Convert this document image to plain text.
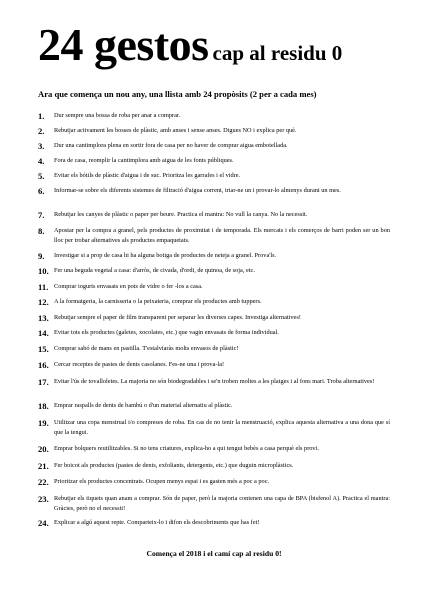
24 gestos cap al residu 0
Ara que comença un nou any, una llista amb 24 propòsits (2 per a cada mes)
1. Dur sempre una bossa de roba per anar a comprar.
2. Rebutjar activament les bosses de plàstic, amb anses i sense anses. Digues NO i explica per què.
3. Dur una cantimplora plena en sortir fora de casa per no haver de comprar aigua embotellada.
4. Fora de casa, reomplir la cantimplora amb aigua de les fonts públiques.
5. Evitar els bótils de plàstic d'aigua i de suc. Prioritza les garrafes i el vidre.
6. Informar-se sobre els diferents sistemes de filtració d'aigua corrent, triar-ne un i provar-lo almenys durant un mes.
7. Rebutjar les canyes de plàstic o paper per beure. Practica el mantra: No vull la canya. No la necessit.
8. Apostar per la compra a granel, pels productes de proximitat i de temporada. Els mercats i els comerços de barri poden ser un bon lloc per trobar alternatives als productes empaquetats.
9. Investigar si a prop de casa hi ha alguna botiga de productes de neteja a granel. Prova'ls.
10. Fer una beguda vegetal a casa: d'arròs, de civada, d'ordi, de quinoa, de soja, etc.
11. Comprar iogurts envasats en pots de vidre o fer -los a casa.
12. A la formatgeria, la carnisseria o la peixateria, comprar els productes amb tuppers.
13. Rebutjar sempre el paper de film transparent per separar les diverses capes. Investiga alternatives!
14. Evitar tots els productes (galetes, xocolates, etc.) que vagin envasats de forma individual.
15. Comprar sabó de mans en pastilla. T'estalviaràs molts envasos de plàstic!
16. Cercar receptes de pastes de dents casolanes. Fes-ne una i prova-la!
17. Evitar l'ús de tovalloletes. La majoria no són biodegradables i se'n troben moltes a les platges i al fons mari. Troba alternatives!
18. Emprar raspalls de dents de bambú o d'un material alternatiu al plàstic.
19. Utilitzar una copa menstrual i/o compreses de roba. En cas de no tenir la menstruació, explica aquesta alternativa a una dona que sí que la tengui.
20. Emprar bolquers reutilitzables. Si no tens criatures, explica-ho a qui tengui bebès a casa perquè els provi.
21. Fer boicot als productes (pastes de dents, exfoliants, detergents, etc.) que duguin microplàstics.
22. Prioritzar els productes concentrats. Ocupen menys espai i es gasten més a poc a poc.
23. Rebutjar els tiquets quan anam a comprar. Són de paper, però la majoria contenen una capa de BPA (bisfenol A). Practica el mantra: Gràcies, però no el necessit!
24. Explicar a algú aquest repte. Comparteix-lo i difon els descobriments que has fet!
Comença el 2018 i el camí cap al residu 0!
